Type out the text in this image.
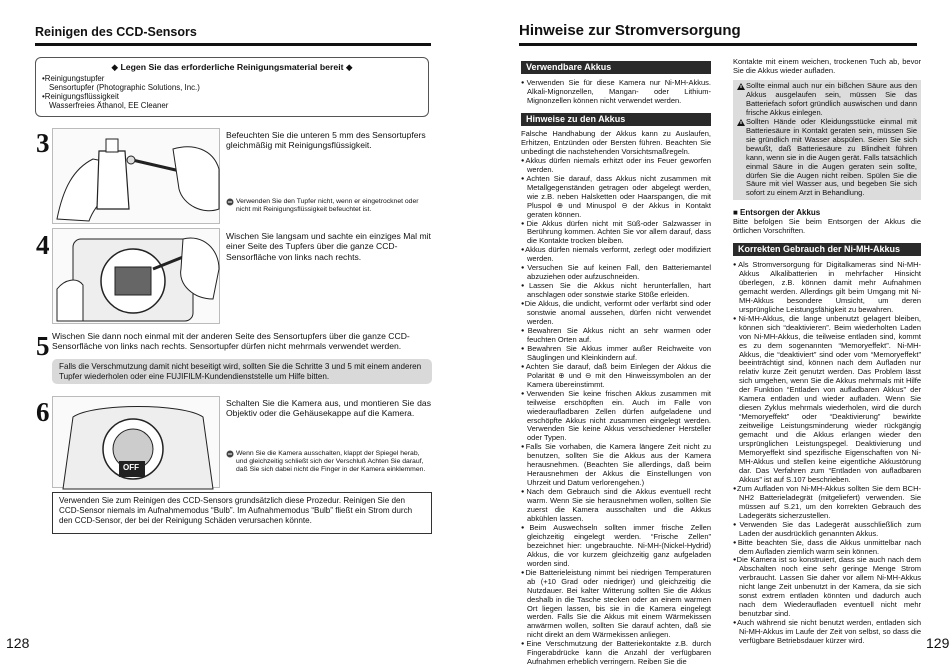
Reinigen des CCD-Sensors
◆ Legen Sie das erforderliche Reinigungsmaterial bereit ◆
• Reinigungstupfer
Sensortupfer (Photographic Solutions, Inc.)
• Reinigungsflüssigkeit
Wasserfreies Äthanol, EE Cleaner
3	Befeuchten Sie die unteren 5 mm des Sensortupfers gleichmäßig mit Reinigungsflüssigkeit.
Verwenden Sie den Tupfer nicht, wenn er eingetrocknet oder nicht mit Reinigungsflüssigkeit befeuchtet ist.
4	Wischen Sie langsam und sachte ein einziges Mal mit einer Seite des Tupfers über die ganze CCD-Sensorfläche von links nach rechts.
5 Wischen Sie dann noch einmal mit der anderen Seite des Sensortupfers über die ganze CCD-Sensorfläche von links nach rechts. Sensortupfer dürfen nicht mehrmals verwendet werden.
Falls die Verschmutzung damit nicht beseitigt wird, sollten Sie die Schritte 3 und 5 mit einem anderen Tupfer wiederholen oder eine FUJIFILM-Kundendienststelle um Hilfe bitten.
6
OFF
Schalten Sie die Kamera aus, und montieren Sie das Objektiv oder die Gehäusekappe auf die Kamera.
Wenn Sie die Kamera ausschalten, klappt der Spiegel herab, und gleichzeitig schließt sich der Verschluß Achten Sie darauf, daß Sie sich dabei nicht die Finger in der Kamera einklemmen.
Verwenden Sie zum Reinigen des CCD-Sensors grundsätzlich diese Prozedur. Reinigen Sie den CCD-Sensor niemals im Aufnahmemodus “Bulb”. Im Aufnahmemodus “Bulb” fließt ein Strom durch den CCD-Sensor, der bei der Reinigung Schäden verursachen könnte.
128
Hinweise zur Stromversorgung
Verwendbare Akkus

● Verwenden Sie für diese Kamera nur Ni-MH-Akkus. Alkali-Mignonzellen, Mangan- oder Lithium-Mignonzellen können nicht verwendet werden.

Hinweise zu den Akkus

Falsche Handhabung der Akkus kann zu Auslaufen, Erhitzen, Entzünden oder Bersten führen. Beachten Sie unbedingt die nachstehenden Vorsichtsmaßregeln.

● Akkus dürfen niemals erhitzt oder ins Feuer geworfen werden.

● Achten Sie darauf, dass Akkus nicht zusammen mit Metallgegenständen getragen oder abgelegt werden, wie z.B. neben Halsketten oder Haarspangen, die mit Pluspol ⊕ und Minuspol ⊖ der Akkus in Kontakt geraten können.

● Die Akkus dürfen nicht mit Süß-oder Salzwasser in Berührung kommen. Achten Sie vor allem darauf, dass die Kontakte trocken bleiben.

● Akkus dürfen niemals verformt, zerlegt oder modifiziert werden.

● Versuchen Sie auf keinen Fall, den Batteriemantel abzuziehen oder aufzuschneiden.

● Lassen Sie die Akkus nicht herunterfallen, hart anschlagen oder sonstwie starke Stöße erleiden.

● Die Akkus, die undicht, verformt oder verfärbt sind oder sonstwie anomal aussehen, dürfen nicht verwendet werden.

● Bewahren Sie Akkus nicht an sehr warmen oder feuchten Orten auf.

● Bewahren Sie Akkus immer außer Reichweite von Säuglingen und Kleinkindern auf.

● Achten Sie darauf, daß beim Einlegen der Akkus die Polarität ⊕ und ⊖ mit den Hinweissymbolen an der Kamera übereinstimmt.

● Verwenden Sie keine frischen Akkus zusammen mit teilweise erschöpften ein. Auch im Falle von wiederaufladbaren Zellen dürfen aufgeladene und erschöpfte Akkus nicht zusammen eingelegt werden. Verwenden Sie keine Akkus verschiedener Hersteller oder Typen.

● Falls Sie vorhaben, die Kamera längere Zeit nicht zu benutzen, sollten Sie die Akkus aus der Kamera herausnehmen. (Beachten Sie allerdings, daß beim Herausnehmen der Akkus die Einstellungen von Uhrzeit und Datum verlorengehen.)

● Nach dem Gebrauch sind die Akkus eventuell recht warm. Wenn Sie sie herausnehmen wollen, sollten Sie zuerst die Kamera ausschalten und die Akkus abkühlen lassen.

● Beim Auswechseln sollten immer frische Zellen gleichzeitig eingelegt werden. “Frische Zellen” bezeichnet hier: ungebrauchte. Ni-MH-(Nickel-Hydrid) Akkus, die vor kurzem gleichzeitig ganz aufgeladen worden sind.

● Die Batterieleistung nimmt bei niedrigen Temperaturen ab (+10 Grad oder niedriger) und gleichzeitig die Nutzdauer. Bei kalter Witterung sollten Sie die Akkus deshalb in die Tasche stecken oder an einem warmen Ort liegen lassen, bis sie in die Kamera eingelegt werden. Falls Sie die Akkus mit einem Wärmekissen anwärmen wollen, sollten Sie darauf achten, daß sie nicht direkt an dem Wärmekissen anliegen.

● Eine Verschmutzung der Batteriekontakte z.B. durch Fingerabdrücke kann die Anzahl der verfügbaren Aufnahmen erheblich verringern. Reiben Sie die

Kontakte mit einem weichen, trockenen Tuch ab, bevor Sie die Akkus wieder aufladen.
Sollte einmal auch nur ein bißchen Säure aus den Akkus ausgelaufen sein, müssen Sie das Batteriefach sofort gründlich auswischen und dann frische Akkus einlegen.
Sollten Hände oder Kleidungsstücke einmal mit Batteriesäure in Kontakt geraten sein, müssen Sie sie gründlich mit Wasser abspülen. Seien Sie sich bewußt, daß Batteriesäure zu Blindheit führen kann, wenn sie in die Augen gerät. Falls tatsächlich einmal Säure in die Augen geraten sein sollte, dürfen Sie die Augen nicht reiben. Spülen Sie die Säure mit viel Wasser aus, und begeben Sie sich sofort zu einem Arzt in Behandlung.
■ Entsorgen der Akkus
Bitte befolgen Sie beim Entsorgen der Akkus die örtlichen Vorschriften.
Korrekten Gebrauch der Ni-MH-Akkus

● Als Stromversorgung für Digitalkameras sind Ni-MH-Akkus Alkalibatterien in mehrfacher Hinsicht überlegen, z.B. können damit mehr Aufnahmen gemacht werden. Allerdings gilt beim Umgang mit Ni-MH-Akkus besondere Umsicht, um deren ursprüngliche Leistungsfähigkeit zu bewahren.

● Ni-MH-Akkus, die lange unbenutzt gelagert bleiben, können sich “deaktivieren”. Beim wiederholten Laden von Ni-MH-Akkus, die teilweise entladen sind, kommt es zu dem sogenannten “Memoryeffekt”. Ni-MH-Akkus, die “deaktiviert” sind oder vom “Memoryeffekt” beeinträchtigt sind, können nach dem Aufladen nur relativ kurze Zeit genutzt werden. Das Problem lässt sich umgehen, wenn Sie die Akkus mehrmals mit Hilfe der Funktion “Entladen von aufladbaren Akkus” der Kamera entladen und wieder aufladen. Wenn Sie diesen Zyklus mehrmals wiederholen, wird die durch “Memoryeffekt” oder “Deaktivierung” bewirkte zeitweilige Leistungsminderung wieder rückgängig gemacht und die Akkus erlangen wieder den ursprünglichen Leistungspegel. Deaktivierung und Memoryeffekt sind spezifische Eigenschaften von Ni-MH-Akkus und stellen keine eigentliche Akkustörung dar. Das Verfahren zum “Entladen von aufladbaren Akkus” ist auf S.107 beschrieben.

● Zum Aufladen von Ni-MH-Akkus sollten Sie dem BCH-NH2 Batterieladegrät (mitgeliefert) verwenden. Sie müssen auf S.21, um den korrekten Gebrauch des Ladegeräts sicherzustellen.

● Verwenden Sie das Ladegerät ausschließlich zum Laden der ausdrücklich genannten Akkus.

● Bitte beachten Sie, dass die Akkus unmittelbar nach dem Aufladen ziemlich warm sein können.

● Die Kamera ist so konstruiert, dass sie auch nach dem Abschalten noch eine sehr geringe Menge Strom verbraucht. Lassen Sie daher vor allem Ni-MH-Akkus nicht lange Zeit unbenutzt in der Kamera, da sie sich sonst extrem entladen könnten und dadurch auch nach dem Wiederaufladen eventuell nicht mehr benutzbar sind.

● Auch während sie nicht benutzt werden, entladen sich Ni-MH-Akkus im Laufe der Zeit von selbst, so dass die verfügbare Betriebsdauer kürzer wird.	129
